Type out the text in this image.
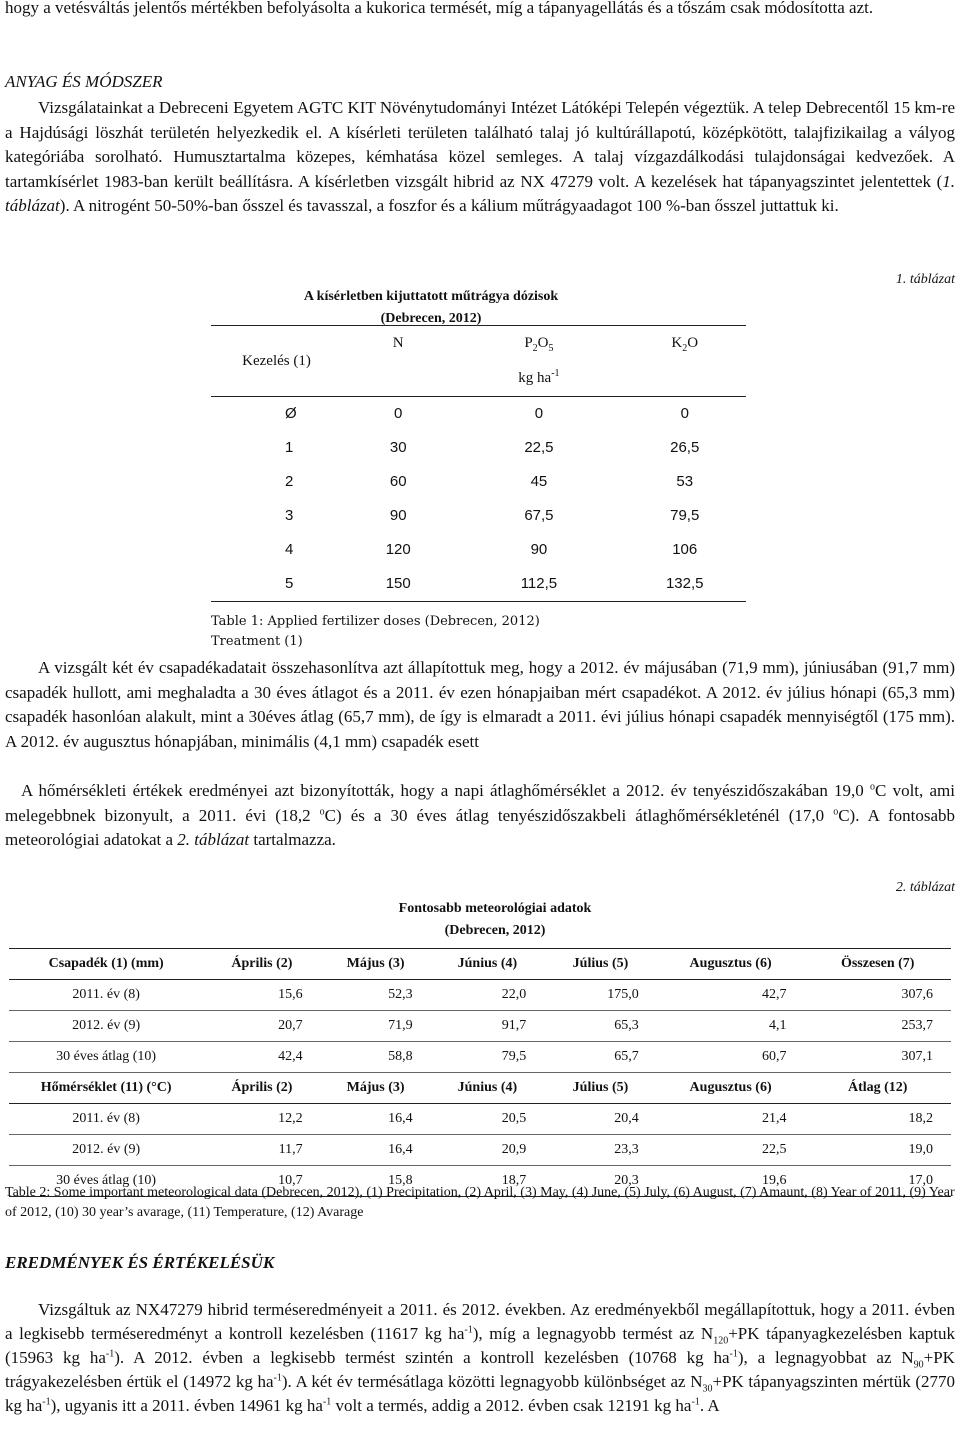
hogy a vetésváltás jelentős mértékben befolyásolta a kukorica termését, míg a tápanyagellátás és a tőszám csak módosította azt.

ANYAG ÉS MÓDSZER

Vizsgálatainkat a Debreceni Egyetem AGTC KIT Növénytudományi Intézet Látóképi Telepén végeztük. A telep Debrecentől 15 km-re a Hajdúsági löszhát területén helyezkedik el. A kísérleti területen található talaj jó kultúrállapotú, középkötött, talajfizikailag a vályog kategóriába sorolható. Humusztartalma közepes, kémhatása közel semleges. A talaj vízgazdálkodási tulajdonságai kedvezőek. A tartamkísérlet 1983-ban került beállításra. A kísérletben vizsgált hibrid az NX 47279 volt. A kezelések hat tápanyagszintet jelentettek (1. táblázat). A nitrogént 50-50%-ban ősszel és tavasszal, a foszfor és a kálium műtrágyaadagot 100 %-ban ősszel juttattuk ki.

1. táblázat
A kísérletben kijuttatott műtrágya dózisok
(Debrecen, 2012)
Kezelés (1)	N	$P_2O_5$	$K_2O$
		kg $ha^{-1}$	
Ø	0	0	0
1	30	22,5	26,5
2	60	45	53
3	90	67,5	79,5
4	120	90	106
5	150	112,5	132,5
Table 1: Applied fertilizer doses (Debrecen, 2012)
Treatment (1)

A vizsgált két év csapadékadatait összehasonlítva azt állapítottuk meg, hogy a 2012. év májusában (71,9 mm), júniusában (91,7 mm) csapadék hullott, ami meghaladta a 30 éves átlagot és a 2011. év ezen hónapjaiban mért csapadékot. A 2012. év július hónapi (65,3 mm) csapadék hasonlóan alakult, mint a 30éves átlag (65,7 mm), de így is elmaradt a 2011. évi július hónapi csapadék mennyiségtől (175 mm). A 2012. év augusztus hónapjában, minimális (4,1 mm) csapadék esett

A hőmérsékleti értékek eredményei azt bizonyították, hogy a napi átlaghőmérséklet a 2012. év tenyészidőszakában 19,0 $^o$C volt, ami melegebbnek bizonyult, a 2011. évi (18,2 $^o$C) és a 30 éves átlag tenyészidőszakbeli átlaghőmérsékleténél (17,0 $^o$C). A fontosabb meteorológiai adatokat a 2. táblázat tartalmazza.

2. táblázat
Fontosabb meteorológiai adatok
(Debrecen, 2012)
Csapadék (1) (mm)	Április (2)	Május (3)	Június (4)	Július (5)	Augusztus (6)	Összesen (7)
2011. év (8)	15,6	52,3	22,0	175,0	42,7	307,6
2012. év (9)	20,7	71,9	91,7	65,3	4,1	253,7
30 éves átlag (10)	42,4	58,8	79,5	65,7	60,7	307,1
Hőmérséklet (11) (°C)	Április (2)	Május (3)	Június (4)	Július (5)	Augusztus (6)	Átlag (12)
2011. év (8)	12,2	16,4	20,5	20,4	21,4	18,2
2012. év (9)	11,7	16,4	20,9	23,3	22,5	19,0
30 éves átlag (10)	10,7	15,8	18,7	20,3	19,6	17,0
Table 2: Some important meteorological data (Debrecen, 2012), (1) Precipitation, (2) April, (3) May, (4) June, (5) July, (6) August, (7) Amaunt, (8) Year of 2011, (9) Year of 2012, (10) 30 year’s avarage, (11) Temperature, (12) Avarage

EREDMÉNYEK ÉS ÉRTÉKELÉSÜK

Vizsgáltuk az NX47279 hibrid terméseredményeit a 2011. és 2012. években. Az eredményekből megállapítottuk, hogy a 2011. évben a legkisebb terméseredményt a kontroll kezelésben (11617 kg $ha^{-1}$), míg a legnagyobb termést az $N_{120}+PK$ tápanyagkezelésben kaptuk (15963 kg $ha^{-1}$). A 2012. évben a legkisebb termést szintén a kontroll kezelésben (10768 kg $ha^{-1}$), a legnagyobbat az $N_{90}+PK$ trágyakezelésben értük el (14972 kg $ha^{-1}$). A két év termésátlaga közötti legnagyobb különbséget az $N_{30}+PK$ tápanyagszinten mértük (2770 kg $ha^{-1}$), ugyanis itt a 2011. évben 14961 kg $ha^{-1}$ volt a termés, addig a 2012. évben csak 12191 kg $ha^{-1}$. A
